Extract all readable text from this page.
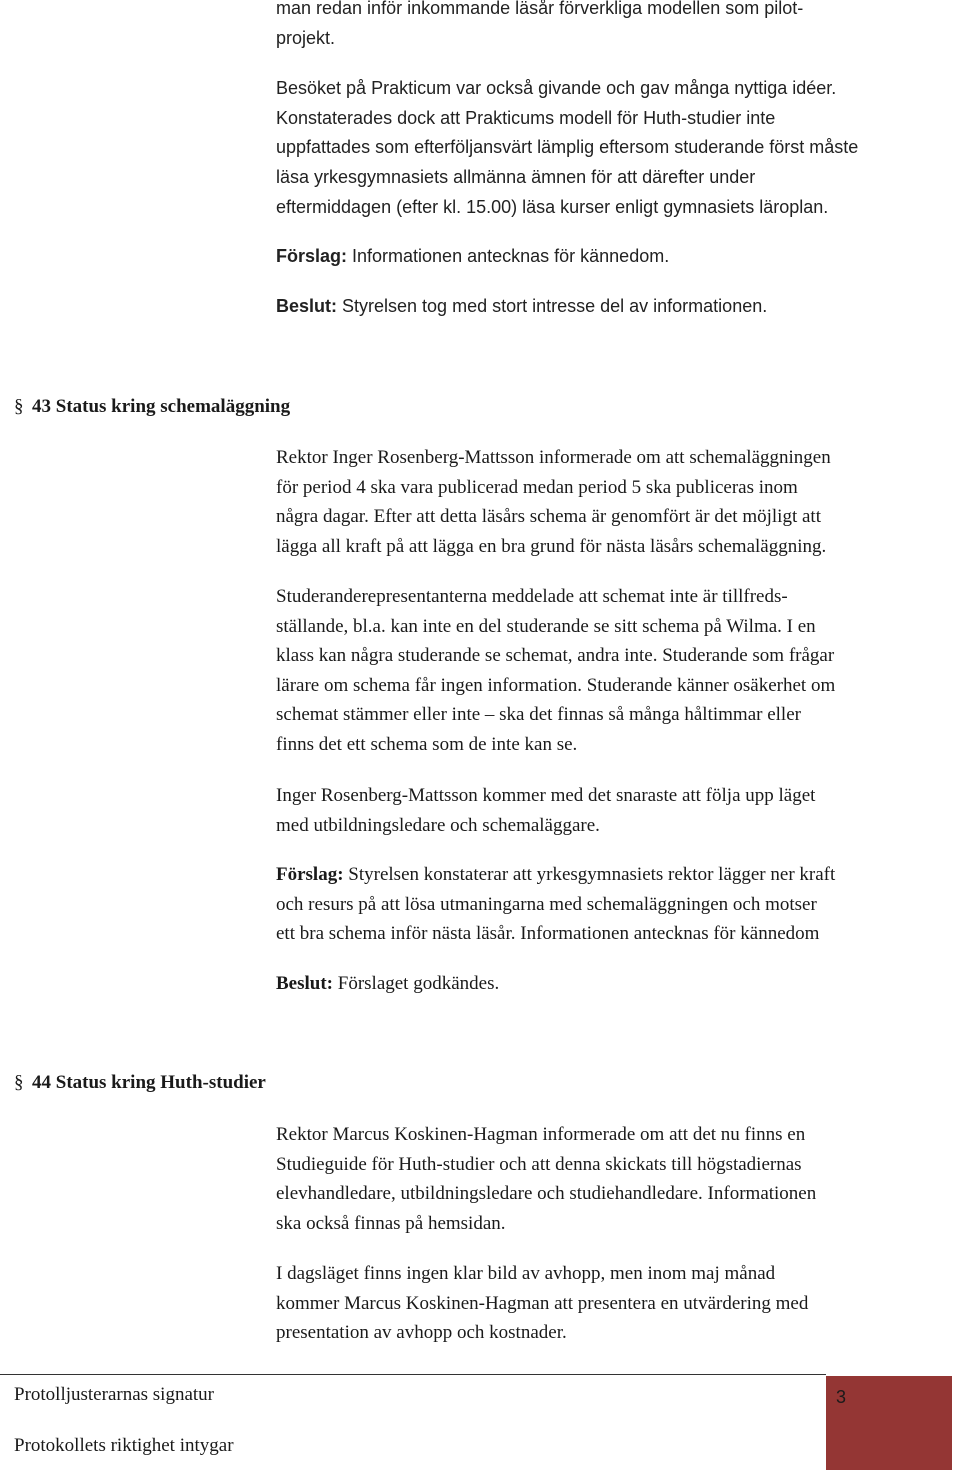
man redan inför inkommande läsår förverkliga modellen som pilot-
projekt.
Besöket på Prakticum var också givande och gav många nyttiga idéer.
Konstaterades dock att Prakticums modell för Huth-studier inte
uppfattades som efterföljansvärt lämplig eftersom studerande först måste
läsa yrkesgymnasiets allmänna ämnen för att därefter under
eftermiddagen (efter kl. 15.00) läsa kurser enligt gymnasiets läroplan.
Förslag: Informationen antecknas för kännedom.
Beslut: Styrelsen tog med stort intresse del av informationen.
§ 43 Status kring schemaläggning
Rektor Inger Rosenberg-Mattsson informerade om att schemaläggningen
för period 4 ska vara publicerad medan period 5 ska publiceras inom
några dagar. Efter att detta läsårs schema är genomfört är det möjligt att
lägga all kraft på att lägga en bra grund för nästa läsårs schemaläggning.
Studeranderepresentanterna meddelade att schemat inte är tillfreds-
ställande, bl.a. kan inte en del studerande se sitt schema på Wilma. I en
klass kan några studerande se schemat, andra inte. Studerande som frågar
lärare om schema får ingen information. Studerande känner osäkerhet om
schemat stämmer eller inte – ska det finnas så många håltimmar eller
finns det ett schema som de inte kan se.
Inger Rosenberg-Mattsson kommer med det snaraste att följa upp läget
med utbildningsledare och schemaläggare.
Förslag: Styrelsen konstaterar att yrkesgymnasiets rektor lägger ner kraft
och resurs på att lösa utmaningarna med schemaläggningen och motser
ett bra schema inför nästa läsår. Informationen antecknas för kännedom
Beslut: Förslaget godkändes.
§ 44 Status kring Huth-studier
Rektor Marcus Koskinen-Hagman informerade om att det nu finns en
Studieguide för Huth-studier och att denna skickats till högstadiernas
elevhandledare, utbildningsledare och studiehandledare. Informationen
ska också finnas på hemsidan.
I dagsläget finns ingen klar bild av avhopp, men inom maj månad
kommer Marcus Koskinen-Hagman att presentera en utvärdering med
presentation av avhopp och kostnader.
Protolljusterarnas signatur
Protokollets riktighet intygar
3
